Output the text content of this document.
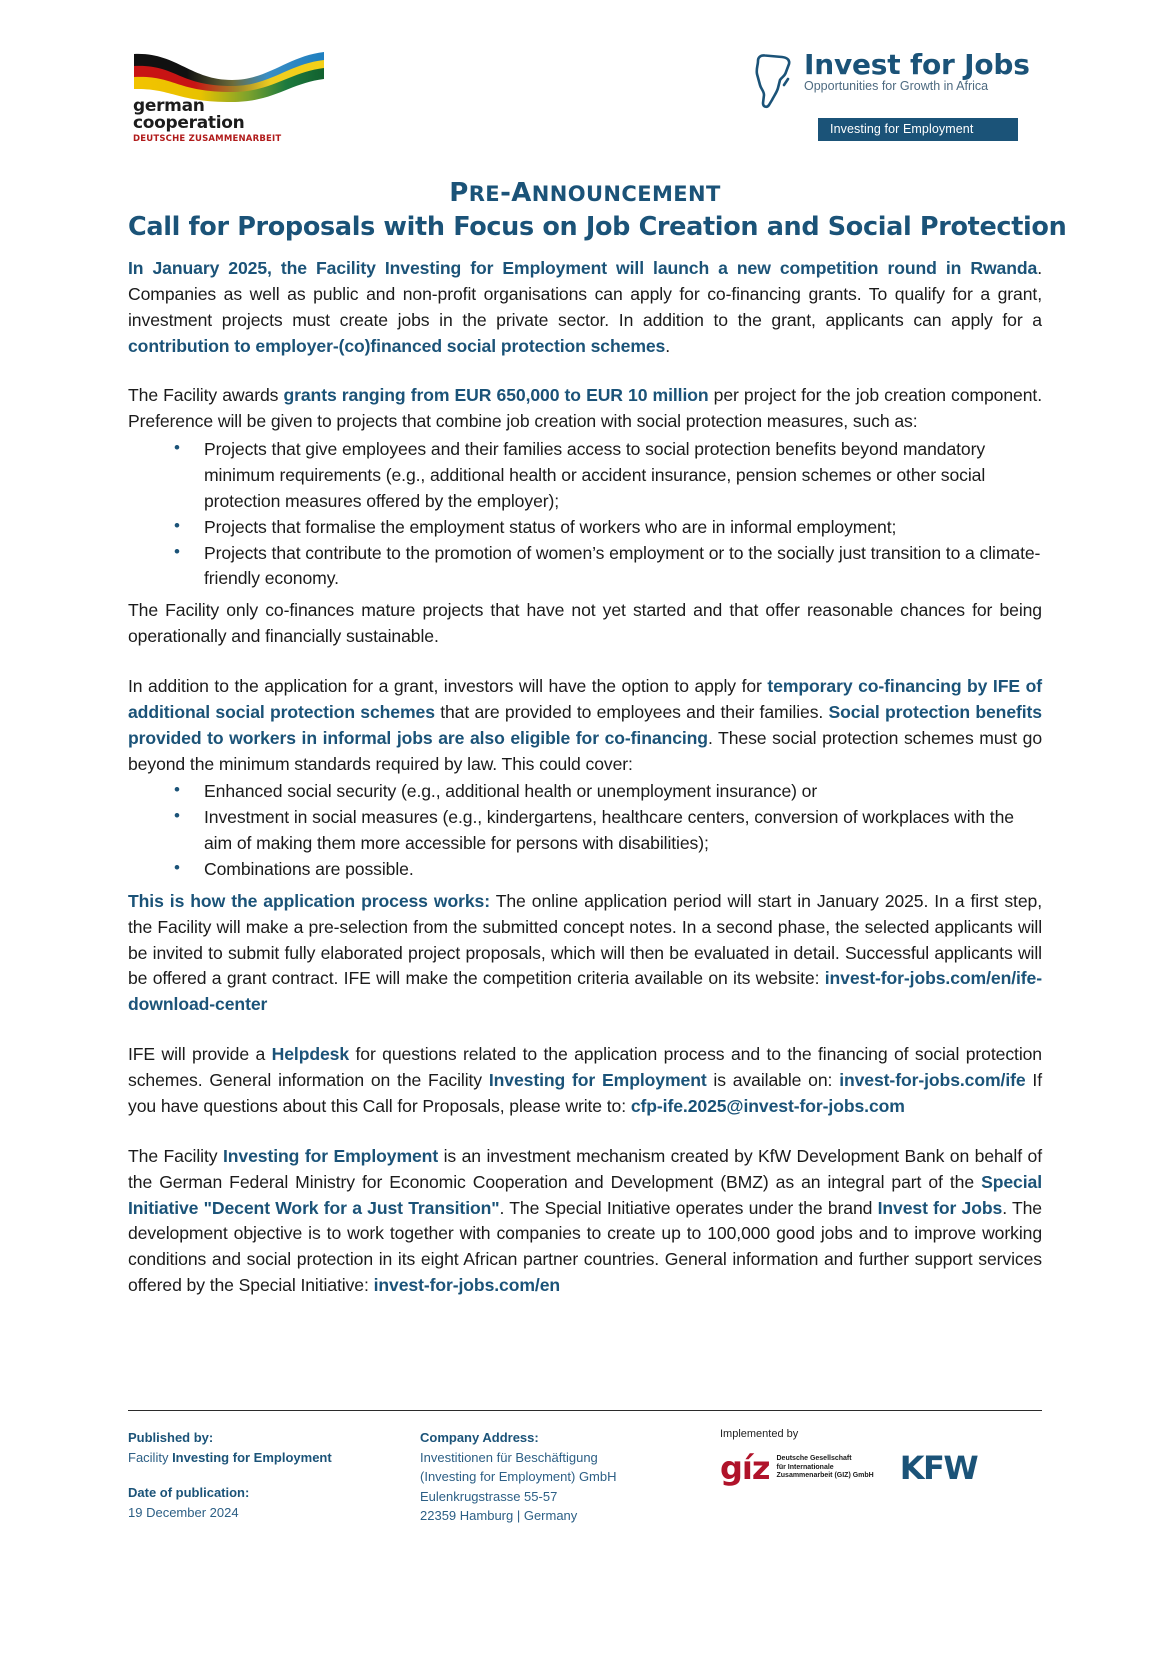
german
cooperation
DEUTSCHE ZUSAMMENARBEIT
Invest for Jobs
Opportunities for Growth in Africa
Investing for Employment
PRE-ANNOUNCEMENT
Call for Proposals with Focus on Job Creation and Social Protection

In January 2025, the Facility Investing for Employment will launch a new competition round in Rwanda. Companies as well as public and non-profit organisations can apply for co-financing grants. To qualify for a grant, investment projects must create jobs in the private sector. In addition to the grant, applicants can apply for a contribution to employer-(co)financed social protection schemes.

The Facility awards grants ranging from EUR 650,000 to EUR 10 million per project for the job creation component. Preference will be given to projects that combine job creation with social protection measures, such as:

• Projects that give employees and their families access to social protection benefits beyond mandatory minimum requirements (e.g., additional health or accident insurance, pension schemes or other social protection measures offered by the employer);
• Projects that formalise the employment status of workers who are in informal employment;
• Projects that contribute to the promotion of women’s employment or to the socially just transition to a climate-friendly economy.

The Facility only co-finances mature projects that have not yet started and that offer reasonable chances for being operationally and financially sustainable.

In addition to the application for a grant, investors will have the option to apply for temporary co-financing by IFE of additional social protection schemes that are provided to employees and their families. Social protection benefits provided to workers in informal jobs are also eligible for co-financing. These social protection schemes must go beyond the minimum standards required by law. This could cover:

• Enhanced social security (e.g., additional health or unemployment insurance) or
• Investment in social measures (e.g., kindergartens, healthcare centers, conversion of workplaces with the aim of making them more accessible for persons with disabilities);
• Combinations are possible.

This is how the application process works: The online application period will start in January 2025. In a first step, the Facility will make a pre-selection from the submitted concept notes. In a second phase, the selected applicants will be invited to submit fully elaborated project proposals, which will then be evaluated in detail. Successful applicants will be offered a grant contract. IFE will make the competition criteria available on its website: invest-for-jobs.com/en/ife-download-center

IFE will provide a Helpdesk for questions related to the application process and to the financing of social protection schemes. General information on the Facility Investing for Employment is available on: invest-for-jobs.com/ife If you have questions about this Call for Proposals, please write to: cfp-ife.2025@invest-for-jobs.com

The Facility Investing for Employment is an investment mechanism created by KfW Development Bank on behalf of the German Federal Ministry for Economic Cooperation and Development (BMZ) as an integral part of the Special Initiative "Decent Work for a Just Transition". The Special Initiative operates under the brand Invest for Jobs. The development objective is to work together with companies to create up to 100,000 good jobs and to improve working conditions and social protection in its eight African partner countries. General information and further support services offered by the Special Initiative: invest-for-jobs.com/en

Published by:
Facility Investing for Employment
Date of publication:
19 December 2024
Company Address:
Investitionen für Beschäftigung
(Investing for Employment) GmbH
Eulenkrugstrasse 55-57
22359 Hamburg | Germany
Implemented by
gíz Deutsche Gesellschaft
für Internationale
Zusammenarbeit (GIZ) GmbH KFW
